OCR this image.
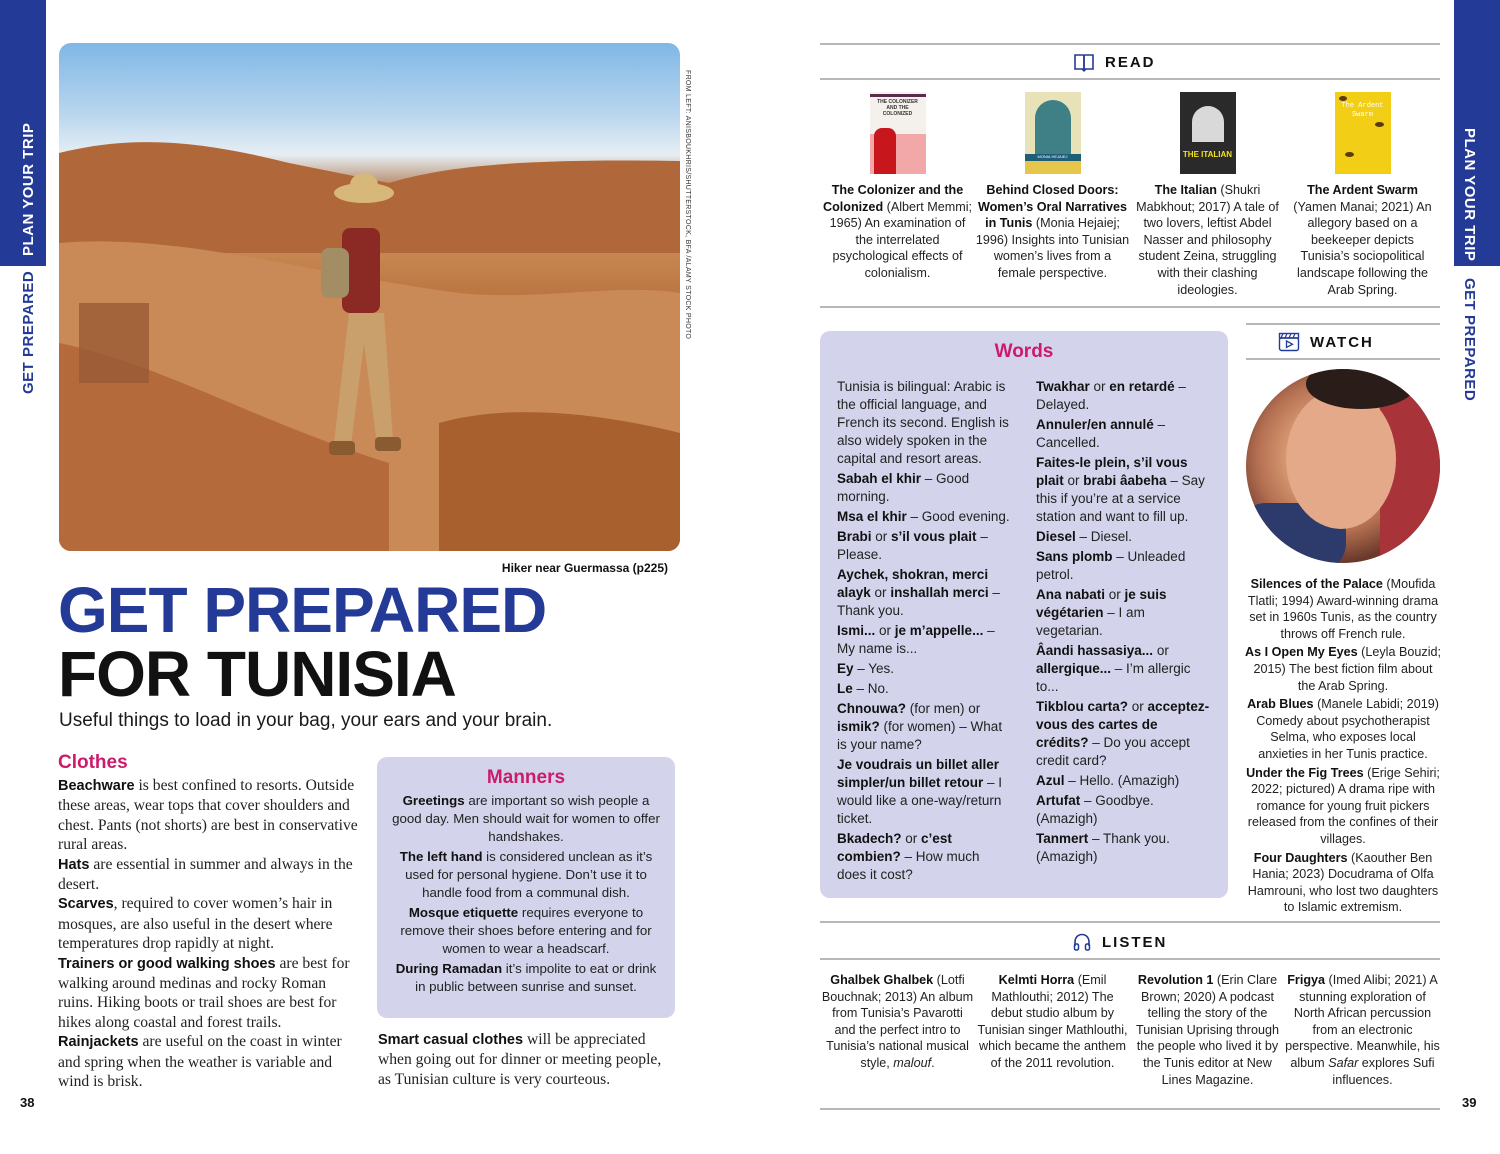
PLAN YOUR TRIP
GET PREPARED
PLAN YOUR TRIP
GET PREPARED
FROM LEFT: ANISBOUKHRIS/SHUTTERSTOCK, BFA /ALAMY STOCK PHOTO
Hiker near Guermassa (p225)
GET PREPARED
FOR TUNISIA
Useful things to load in your bag, your ears and your brain.
Clothes

Beachware is best confined to resorts. Outside these areas, wear tops that cover shoulders and chest. Pants (not shorts) are best in conservative rural areas.

Hats are essential in summer and always in the desert.

Scarves, required to cover women’s hair in mosques, are also useful in the desert where temperatures drop rapidly at night.

Trainers or good walking shoes are best for walking around medinas and rocky Roman ruins. Hiking boots or trail shoes are best for hikes along coastal and forest trails.

Rainjackets are useful on the coast in winter and spring when the weather is variable and wind is brisk.

Manners

Greetings are important so wish people a good day. Men should wait for women to offer handshakes.

The left hand is considered unclean as it’s used for personal hygiene. Don’t use it to handle food from a communal dish.

Mosque etiquette requires everyone to remove their shoes before entering and for women to wear a headscarf.

During Ramadan it’s impolite to eat or drink in public between sunrise and sunset.

Smart casual clothes will be appreciated when going out for dinner or meeting people, as Tunisian culture is very courteous.

38
READ
THE COLONIZER AND THE COLONIZED
The Colonizer and the Colonized (Albert Memmi; 1965) An examination of the interrelated psychological effects of colonialism.
MONIA HEJAIEJ
Behind Closed Doors: Women’s Oral Narratives in Tunis (Monia Hejaiej; 1996) Insights into Tunisian women’s lives from a female perspective.
THE ITALIAN
The Italian (Shukri Mabkhout; 2017) A tale of two lovers, leftist Abdel Nasser and philosophy student Zeina, struggling with their clashing ideologies.
The Ardent Swarm
The Ardent Swarm (Yamen Manai; 2021) An allegory based on a beekeeper depicts Tunisia’s sociopolitical landscape following the Arab Spring.
Words

Tunisia is bilingual: Arabic is the official language, and French its second. English is also widely spoken in the capital and resort areas.

Sabah el khir – Good morning.

Msa el khir – Good evening.

Brabi or s’il vous plait – Please.

Aychek, shokran, merci alayk or inshallah merci – Thank you.

Ismi... or je m’appelle... – My name is...

Ey – Yes.

Le – No.

Chnouwa? (for men) or ismik? (for women) – What is your name?

Je voudrais un billet aller simpler/un billet retour – I would like a one-way/return ticket.

Bkadech? or c’est combien? – How much does it cost?

Twakhar or en retardé – Delayed.

Annuler/en annulé – Cancelled.

Faites-le plein, s’il vous plait or brabi âabeha – Say this if you’re at a service station and want to fill up.

Diesel – Diesel.

Sans plomb – Unleaded petrol.

Ana nabati or je suis végétarien – I am vegetarian.

Âandi hassasiya... or allergique... – I’m allergic to...

Tikblou carta? or acceptez-vous des cartes de crédits? – Do you accept credit card?

Azul – Hello. (Amazigh)

Artufat – Goodbye. (Amazigh)

Tanmert – Thank you. (Amazigh)

WATCH

Silences of the Palace (Moufida Tlatli; 1994) Award-winning drama set in 1960s Tunis, as the country throws off French rule.

As I Open My Eyes (Leyla Bouzid; 2015) The best fiction film about the Arab Spring.

Arab Blues (Manele Labidi; 2019) Comedy about psychotherapist Selma, who exposes local anxieties in her Tunis practice.

Under the Fig Trees (Erige Sehiri; 2022; pictured) A drama ripe with romance for young fruit pickers released from the confines of their villages.

Four Daughters (Kaouther Ben Hania; 2023) Docudrama of Olfa Hamrouni, who lost two daughters to Islamic extremism.

LISTEN
Ghalbek Ghalbek (Lotfi Bouchnak; 2013) An album from Tunisia’s Pavarotti and the perfect intro to Tunisia’s national musical style, malouf.
Kelmti Horra (Emil Mathlouthi; 2012) The debut studio album by Tunisian singer Mathlouthi, which became the anthem of the 2011 revolution.
Revolution 1 (Erin Clare Brown; 2020) A podcast telling the story of the Tunisian Uprising through the people who lived it by the Tunis editor at New Lines Magazine.
Frigya (Imed Alibi; 2021) A stunning exploration of North African percussion from an electronic perspective. Meanwhile, his album Safar explores Sufi influences.
39
